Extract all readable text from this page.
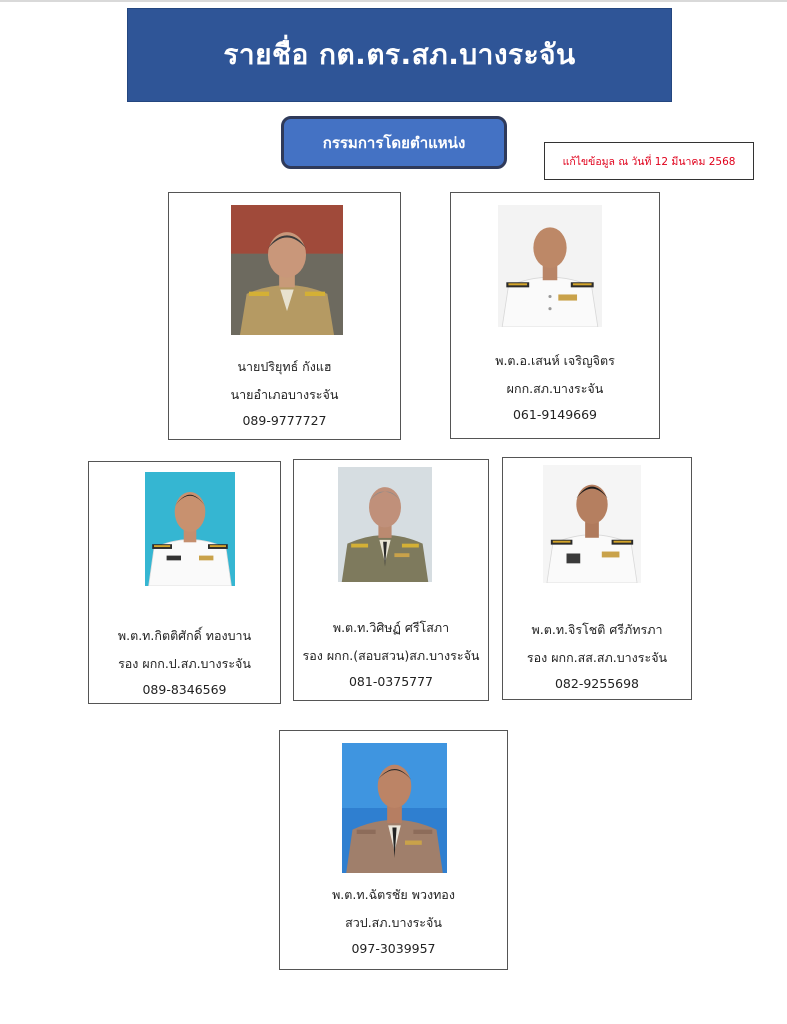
รายชื่อ กต.ตร.สภ.บางระจัน
กรรมการโดยตำแหน่ง
แก้ไขข้อมูล ณ วันที่ 12 มีนาคม 2568
นายปริยุทธ์ กังแฮ
นายอำเภอบางระจัน
089-9777727
พ.ต.อ.เสนห์ เจริญจิตร
ผกก.สภ.บางระจัน
061-9149669
พ.ต.ท.กิตติศักดิ์ ทองบาน
รอง ผกก.ป.สภ.บางระจัน
089-8346569
พ.ต.ท.วิศิษฏ์ ศรีโสภา
รอง ผกก.(สอบสวน)สภ.บางระจัน
081-0375777
พ.ต.ท.จิรโชติ ศรีภัทรภา
รอง ผกก.สส.สภ.บางระจัน
082-9255698
พ.ต.ท.ฉัตรชัย พวงทอง
สวป.สภ.บางระจัน
097-3039957
